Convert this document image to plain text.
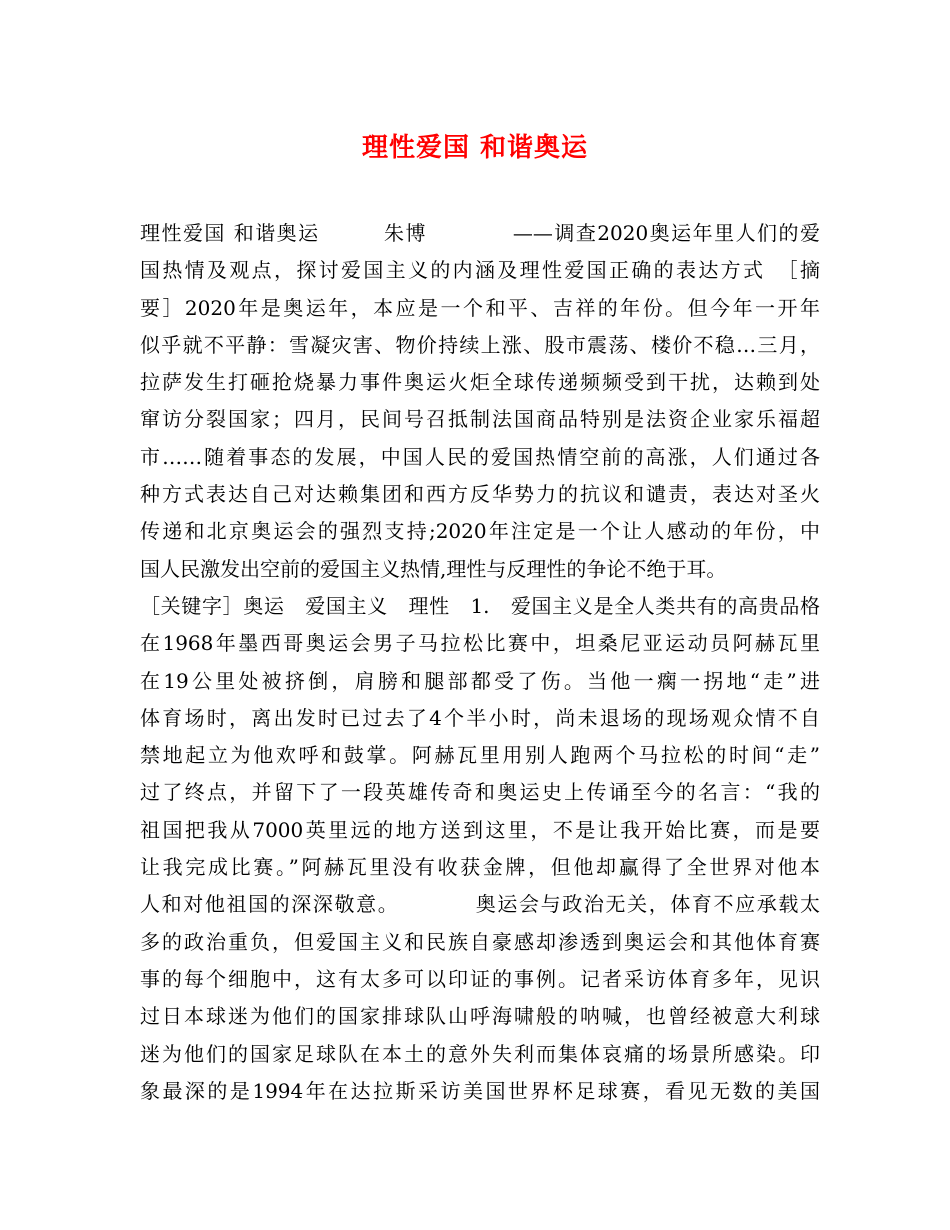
理性爱国 和谐奥运
理性爱国 和谐奥运　　　朱博　　　　——调查2020奥运年里人们的爱
国热情及观点，探讨爱国主义的内涵及理性爱国正确的表达方式　［摘
要］2020年是奥运年，本应是一个和平、吉祥的年份。但今年一开年
似乎就不平静：雪凝灾害、物价持续上涨、股市震荡、楼价不稳…三月，
拉萨发生打砸抢烧暴力事件奥运火炬全球传递频频受到干扰，达赖到处
窜访分裂国家；四月，民间号召抵制法国商品特别是法资企业家乐福超
市……随着事态的发展，中国人民的爱国热情空前的高涨，人们通过各
种方式表达自己对达赖集团和西方反华势力的抗议和谴责，表达对圣火
传递和北京奥运会的强烈支持;2020年注定是一个让人感动的年份，中
国人民激发出空前的爱国主义热情,理性与反理性的争论不绝于耳。
［关键字］奥运　爱国主义　理性　1.　爱国主义是全人类共有的高贵品格
在1968年墨西哥奥运会男子马拉松比赛中，坦桑尼亚运动员阿赫瓦里
在19公里处被挤倒，肩膀和腿部都受了伤。当他一瘸一拐地“走”进
体育场时，离出发时已过去了4个半小时，尚未退场的现场观众情不自
禁地起立为他欢呼和鼓掌。阿赫瓦里用别人跑两个马拉松的时间“走”
过了终点，并留下了一段英雄传奇和奥运史上传诵至今的名言：“我的
祖国把我从7000英里远的地方送到这里，不是让我开始比赛，而是要
让我完成比赛。”阿赫瓦里没有收获金牌，但他却赢得了全世界对他本
人和对他祖国的深深敬意。　　　　奥运会与政治无关，体育不应承载太
多的政治重负，但爱国主义和民族自豪感却渗透到奥运会和其他体育赛
事的每个细胞中，这有太多可以印证的事例。记者采访体育多年，见识
过日本球迷为他们的国家排球队山呼海啸般的呐喊，也曾经被意大利球
迷为他们的国家足球队在本土的意外失利而集体哀痛的场景所感染。印
象最深的是1994年在达拉斯采访美国世界杯足球赛，看见无数的美国
